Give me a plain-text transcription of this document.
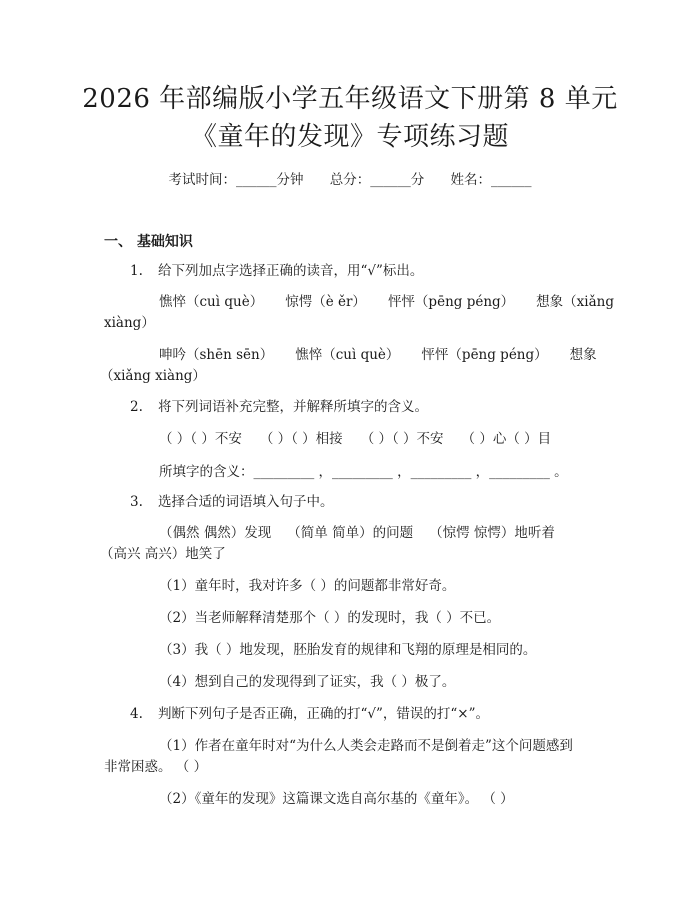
2026 年部编版小学五年级语文下册第 8 单元
《童年的发现》专项练习题
考试时间：______分钟 总分：______分 姓名：______
一、 基础知识
1. 给下列加点字选择正确的读音，用“√”标出。
憔悴（cuì què） 惊愕（è ěr） 怦怦（pēng péng） 想象（xiǎng
xiàng）
呻吟（shēn sēn） 憔悴（cuì què） 怦怦（pēng péng） 想象
（xiǎng xiàng）
2. 将下列词语补充完整，并解释所填字的含义。
（ ）（ ）不安 （ ）（ ）相接 （ ）（ ）不安 （ ）心（ ）目
所填字的含义：_________ ，_________ ，_________ ，_________ 。
3. 选择合适的词语填入句子中。
（偶然 偶然）发现 （简单 简单）的问题 （惊愕 惊愕）地听着
（高兴 高兴）地笑了
（1）童年时，我对许多（ ）的问题都非常好奇。
（2）当老师解释清楚那个（ ）的发现时，我（ ）不已。
（3）我（ ）地发现，胚胎发育的规律和飞翔的原理是相同的。
（4）想到自己的发现得到了证实，我（ ）极了。
4. 判断下列句子是否正确，正确的打“√”，错误的打“×”。
（1）作者在童年时对“为什么人类会走路而不是倒着走”这个问题感到
非常困惑。 （ ）
（2）《童年的发现》这篇课文选自高尔基的《童年》。 （ ）
